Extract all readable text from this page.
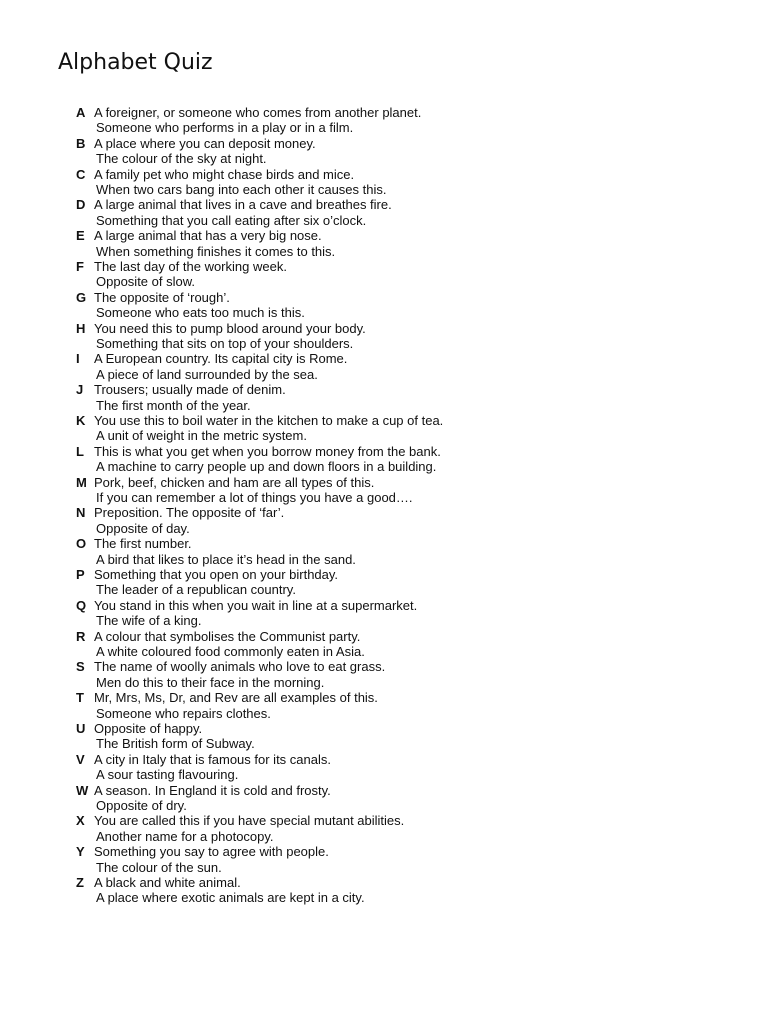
Alphabet Quiz
A A foreigner, or someone who comes from another planet.
Someone who performs in a play or in a film.
B A place where you can deposit money.
The colour of the sky at night.
C A family pet who might chase birds and mice.
When two cars bang into each other it causes this.
D A large animal that lives in a cave and breathes fire.
Something that you call eating after six o’clock.
E A large animal that has a very big nose.
When something finishes it comes to this.
F The last day of the working week.
Opposite of slow.
G The opposite of ‘rough’.
Someone who eats too much is this.
H You need this to pump blood around your body.
Something that sits on top of your shoulders.
I A European country. Its capital city is Rome.
A piece of land surrounded by the sea.
J Trousers; usually made of denim.
The first month of the year.
K You use this to boil water in the kitchen to make a cup of tea.
A unit of weight in the metric system.
L This is what you get when you borrow money from the bank.
A machine to carry people up and down floors in a building.
M Pork, beef, chicken and ham are all types of this.
If you can remember a lot of things you have a good….
N Preposition. The opposite of ‘far’.
Opposite of day.
O The first number.
A bird that likes to place it’s head in the sand.
P Something that you open on your birthday.
The leader of a republican country.
Q You stand in this when you wait in line at a supermarket.
The wife of a king.
R A colour that symbolises the Communist party.
A white coloured food commonly eaten in Asia.
S The name of woolly animals who love to eat grass.
Men do this to their face in the morning.
T Mr, Mrs, Ms, Dr, and Rev are all examples of this.
Someone who repairs clothes.
U Opposite of happy.
The British form of Subway.
V A city in Italy that is famous for its canals.
A sour tasting flavouring.
W A season. In England it is cold and frosty.
Opposite of dry.
X You are called this if you have special mutant abilities.
Another name for a photocopy.
Y Something you say to agree with people.
The colour of the sun.
Z A black and white animal.
A place where exotic animals are kept in a city.
